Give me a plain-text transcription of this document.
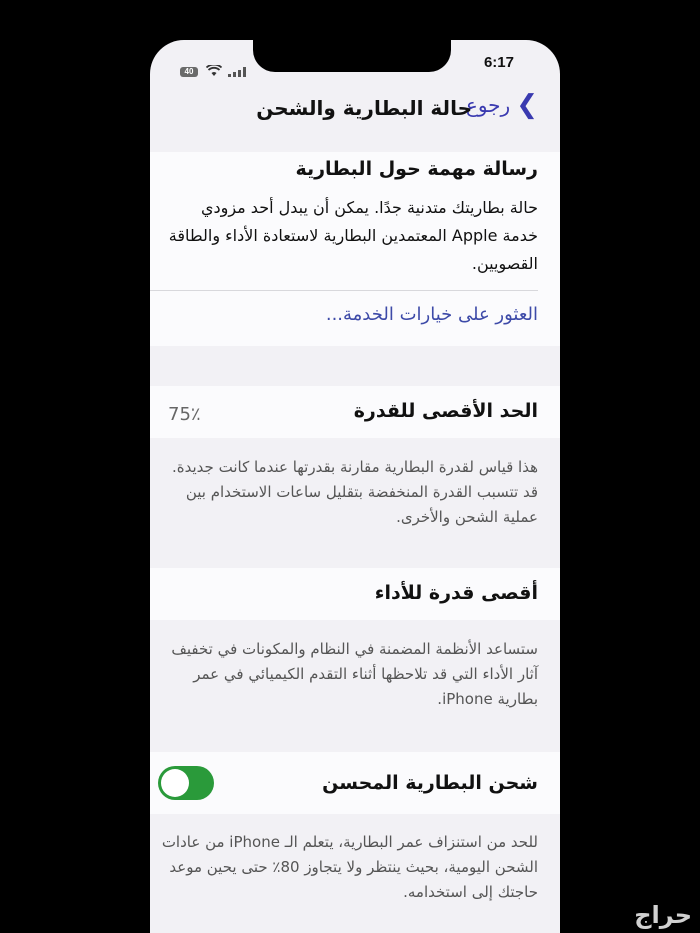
40
6:17
❯
رجوع
حالة البطارية والشحن
رسالة مهمة حول البطارية
حالة بطاريتك متدنية جدًا. يمكن أن يبدل أحد مزودي خدمة Apple المعتمدين البطارية لاستعادة الأداء والطاقة القصويين.
العثور على خيارات الخدمة...
الحد الأقصى للقدرة
75٪
هذا قياس لقدرة البطارية مقارنة بقدرتها عندما كانت جديدة. قد تتسبب القدرة المنخفضة بتقليل ساعات الاستخدام بين عملية الشحن والأخرى.
أقصى قدرة للأداء
ستساعد الأنظمة المضمنة في النظام والمكونات في تخفيف آثار الأداء التي قد تلاحظها أثناء التقدم الكيميائي في عمر بطارية iPhone.
شحن البطارية المحسن
للحد من استنزاف عمر البطارية، يتعلم الـ iPhone من عادات الشحن اليومية، بحيث ينتظر ولا يتجاوز 80٪ حتى يحين موعد حاجتك إلى استخدامه.
حراج
